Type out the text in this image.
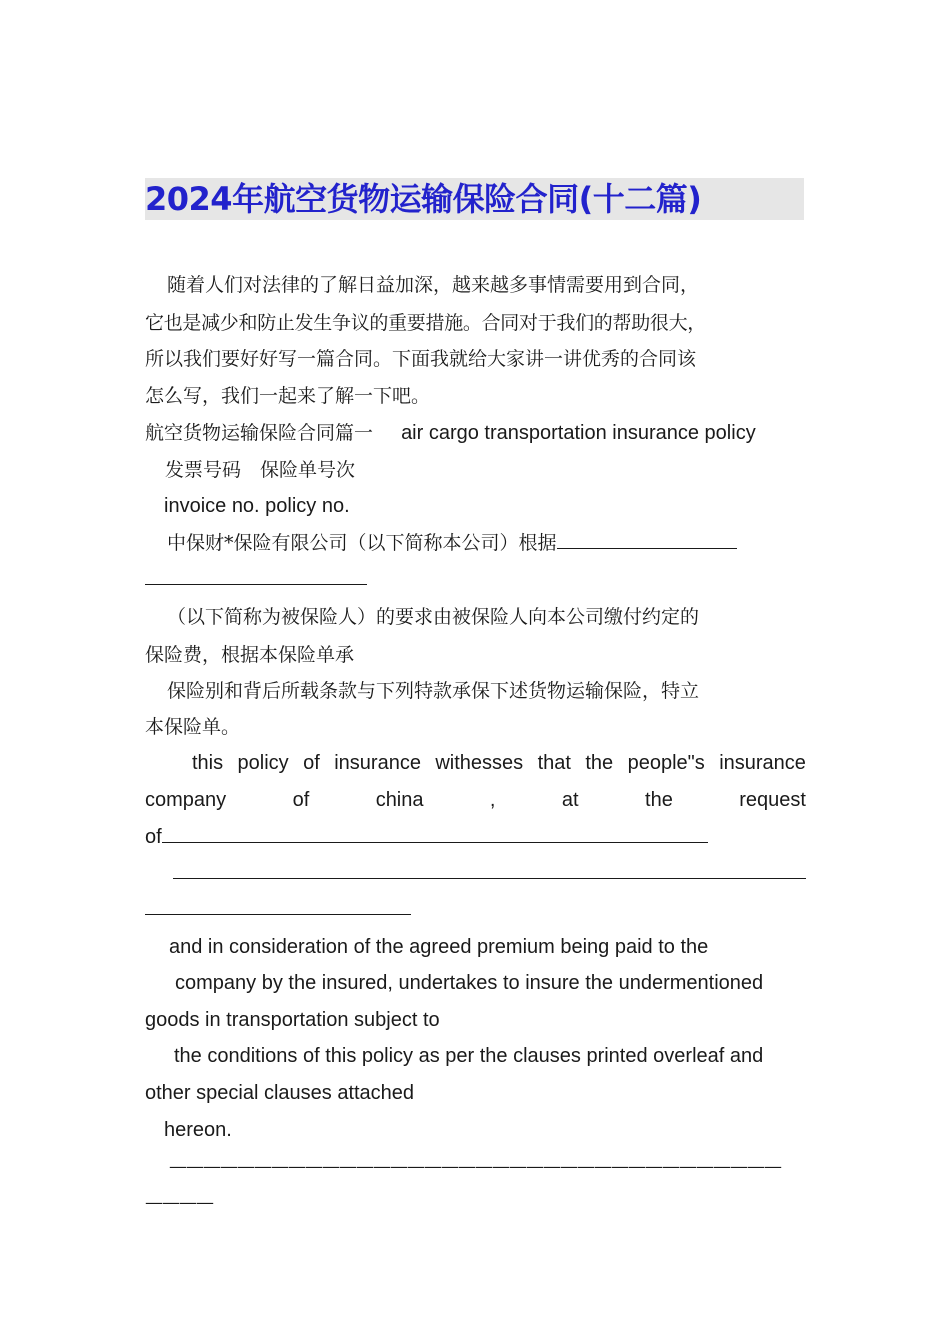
2024年航空货物运输保险合同(十二篇)
随着人们对法律的了解日益加深，越来越多事情需要用到合同，
它也是减少和防止发生争议的重要措施。合同对于我们的帮助很大，
所以我们要好好写一篇合同。下面我就给大家讲一讲优秀的合同该
怎么写，我们一起来了解一下吧。
航空货物运输保险合同篇一 air cargo transportation insurance policy
发票号码　保险单号次
invoice no. policy no.
中保财*保险有限公司（以下简称本公司）根据
（以下简称为被保险人）的要求由被保险人向本公司缴付约定的
保险费，根据本保险单承
保险别和背后所载条款与下列特款承保下述货物运输保险，特立
本保险单。
this policy of insurance withesses that the people"s insurance
company	of	china	,	at	the	request
of
and in consideration of the agreed premium being paid to the
company by the insured, undertakes to insure the undermentioned
goods in transportation subject to
the conditions of this policy as per the clauses printed overleaf and
other special clauses attached
hereon.
————————————————————————————————————
————
